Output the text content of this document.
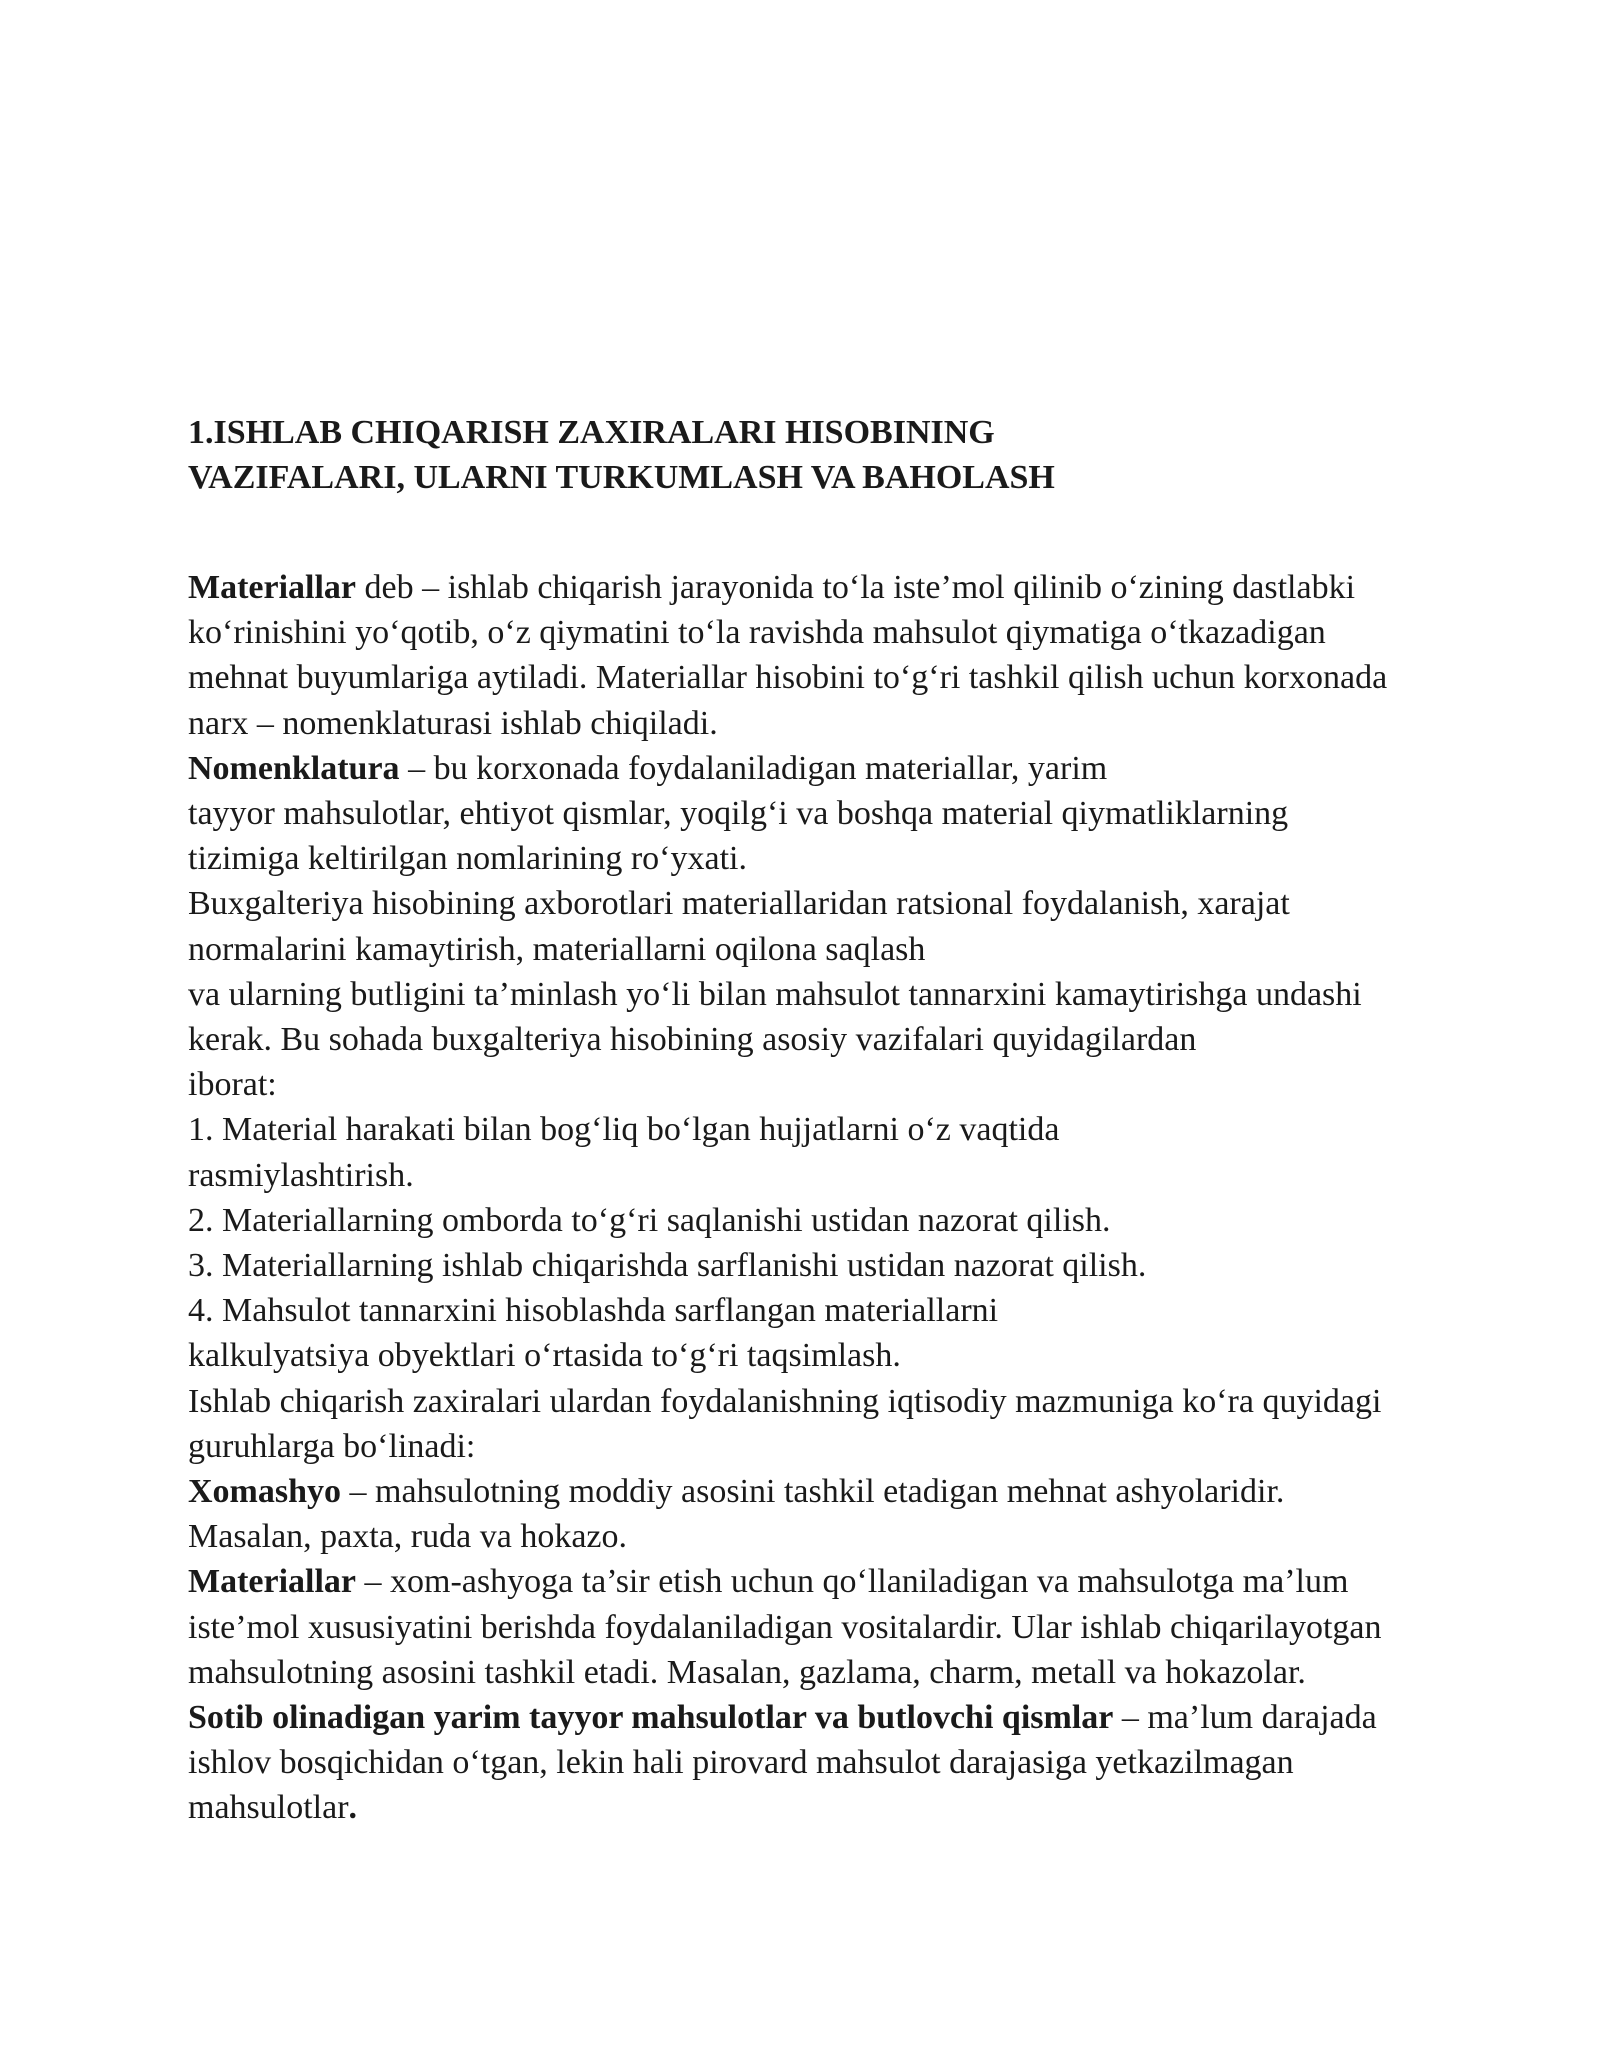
1.ISHLAB CHIQARISH ZAXIRALARI HISOBINING
VAZIFALARI, ULARNI TURKUMLASH VA BAHOLASH
Materiallar deb – ishlab chiqarish jarayonida to‘la iste’mol qilinib o‘zining dastlabki
ko‘rinishini yo‘qotib, o‘z qiymatini to‘la ravishda mahsulot qiymatiga o‘tkazadigan
mehnat buyumlariga aytiladi. Materiallar hisobini to‘g‘ri tashkil qilish uchun korxonada
narx – nomenklaturasi ishlab chiqiladi.
Nomenklatura – bu korxonada foydalaniladigan materiallar, yarim
tayyor mahsulotlar, ehtiyot qismlar, yoqilg‘i va boshqa material qiymatliklarning
tizimiga keltirilgan nomlarining ro‘yxati.
Buxgalteriya hisobining axborotlari materiallaridan ratsional foydalanish, xarajat
normalarini kamaytirish, materiallarni oqilona saqlash
va ularning butligini ta’minlash yo‘li bilan mahsulot tannarxini kamaytirishga undashi
kerak. Bu sohada buxgalteriya hisobining asosiy vazifalari quyidagilardan
iborat:
1. Material harakati bilan bog‘liq bo‘lgan hujjatlarni o‘z vaqtida
rasmiylashtirish.
2. Materiallarning omborda to‘g‘ri saqlanishi ustidan nazorat qilish.
3. Materiallarning ishlab chiqarishda sarflanishi ustidan nazorat qilish.
4. Mahsulot tannarxini hisoblashda sarflangan materiallarni
kalkulyatsiya obyektlari o‘rtasida to‘g‘ri taqsimlash.
Ishlab chiqarish zaxiralari ulardan foydalanishning iqtisodiy mazmuniga ko‘ra quyidagi
guruhlarga bo‘linadi:
Xomashyo – mahsulotning moddiy asosini tashkil etadigan mehnat ashyolaridir.
Masalan, paxta, ruda va hokazo.
Materiallar – xom-ashyoga ta’sir etish uchun qo‘llaniladigan va mahsulotga ma’lum
iste’mol xususiyatini berishda foydalaniladigan vositalardir. Ular ishlab chiqarilayotgan
mahsulotning asosini tashkil etadi. Masalan, gazlama, charm, metall va hokazolar.
Sotib olinadigan yarim tayyor mahsulotlar va butlovchi qismlar – ma’lum darajada
ishlov bosqichidan o‘tgan, lekin hali pirovard mahsulot darajasiga yetkazilmagan
mahsulotlar.
